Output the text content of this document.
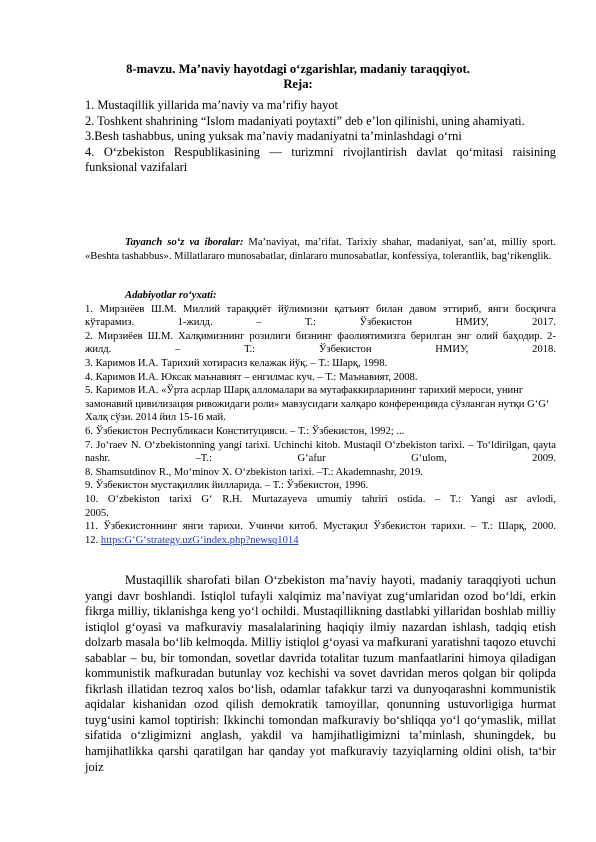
8-mavzu. Maʼnaviy hayotdagi oʻzgarishlar, madaniy taraqqiyot.
Reja:
1. Mustaqillik yillarida maʼnaviy va maʼrifiy hayot
2. Toshkent shahrining “Islom madaniyati poytaxti” deb eʼlon qilinishi, uning ahamiyati.
3.Besh tashabbus, uning yuksak maʼnaviy madaniyatni taʼminlashdagi oʻrni
4. Oʻzbekiston Respublikasining — turizmni rivojlantirish davlat qoʻmitasi raisining funksional vazifalari
Tayanch soʻz va iboralar: Maʼnaviyat, maʼrifat. Tarixiy shahar, madaniyat, sanʼat, milliy sport. «Beshta tashabbus». Millatlararo munosabatlar, dinlararo munosabatlar, konfessiya, tolerantlik, bagʻrikenglik.
Adabiyotlar roʻyxati:
1. Мирзиёев Ш.М. Миллий тараққиёт йўлимизни қатъият билан давом эттириб, янги босқичга кўтарамиз. 1-жилд. – Т.: Ўзбекистон НМИУ, 2017.
2. Мирзиёев Ш.М. Халқимизнинг розилиги бизнинг фаолиятимизга берилган энг олий баҳодир. 2-жилд. – Т.: Ўзбекистон НМИУ, 2018.
3. Каримов И.А. Тарихий хотирасиз келажак йўқ. – Т.: Шарқ, 1998.
4. Каримов И.А. Юксак маънавият – енгилмас куч. – Т.: Маънавият, 2008.
5. Каримов И.А. «Ўрта асрлар Шарқ алломалари ва мутафаккирларининг тарихий мероси, унинг замонавий цивилизация ривожидаги роли» мавзусидаги халқаро конференцияда сўзланган нутқи GʻGʻ Халқ сўзи. 2014 йил 15-16 май.
6. Ўзбекистон Республикаси Конституцияси. – Т.: Ўзбекистон, 1992; ...
7. Joʻraev N. Oʻzbekistonning yangi tarixi. Uchinchi kitob. Mustaqil Oʻzbekiston tarixi. – Toʻldirilgan, qayta nashr. –T.: Gʻafur Gʻulom, 2009.
8. Shamsutdinov R., Moʻminov X. Oʻzbekiston tarixi. –T.: Akademnashr, 2019.
9. Ўзбекистон мустақиллик йилларида. – Т.: Ўзбекистон, 1996.
10. Oʻzbekiston tarixi Gʻ R.H. Murtazayeva umumiy tahriri ostida. – T.: Yangi asr avlodi,
2005.
11. Ўзбекистоннинг янги тарихи. Учинчи китоб. Мустақил Ўзбекистон тарихи. – Т.: Шарқ, 2000.
12. https:GʻGʻstrategy.uzGʻindex.php?newsq1014
Mustaqillik sharofati bilan Oʻzbekiston maʼnaviy hayoti, madaniy taraqqiyoti uchun yangi davr boshlandi. Istiqlol tufayli xalqimiz maʼnaviyat zugʻumlaridan ozod boʻldi, erkin fikrga milliy, tiklanishga keng yoʻl ochildi. Mustaqillikning dastlabki yillaridan boshlab milliy istiqlol gʻoyasi va mafkuraviy masalalarining haqiqiy ilmiy nazardan ishlash, tadqiq etish dolzarb masala boʻlib kelmoqda. Milliy istiqlol gʻoyasi va mafkurani yaratishni taqozo etuvchi sabablar – bu, bir tomondan, sovetlar davrida totalitar tuzum manfaatlarini himoya qiladigan kommunistik mafkuradan butunlay voz kechishi va sovet davridan meros qolgan bir qolipda fikrlash illatidan tezroq xalos boʻlish, odamlar tafakkur tarzi va dunyoqarashni kommunistik aqidalar kishanidan ozod qilish demokratik tamoyillar, qonunning ustuvorligiga hurmat tuygʻusini kamol toptirish: Ikkinchi tomondan mafkuraviy boʻshliqqa yoʻl qoʻymaslik, millat sifatida oʻzligimizni anglash, yakdil va hamjihatligimizni taʼminlash, shuningdek, bu hamjihatlikka qarshi qaratilgan har qanday yot mafkuraviy tazyiqlarning oldini olish, taʻbir joiz
